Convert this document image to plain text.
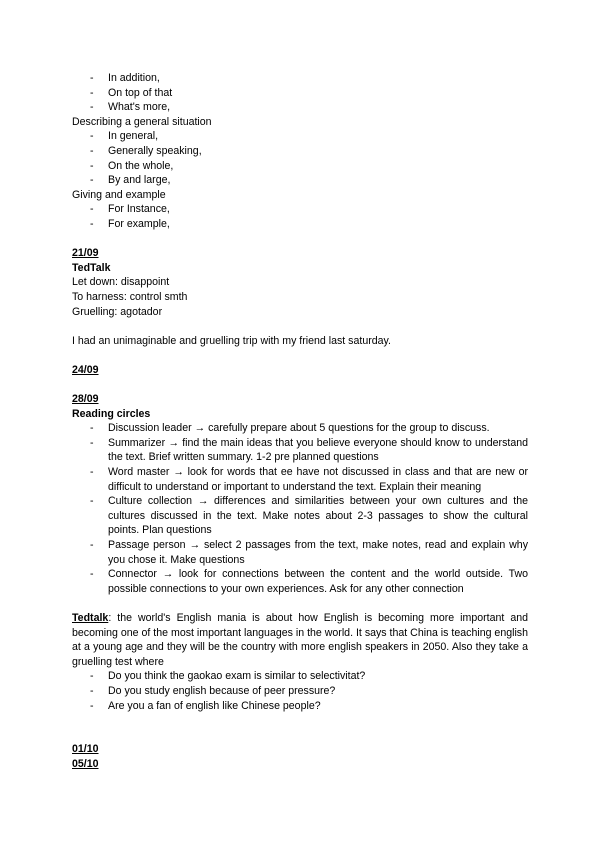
- In addition,
- On top of that
- What's more,
Describing a general situation
- In general,
- Generally speaking,
- On the whole,
- By and large,
Giving and example
- For Instance,
- For example,
21/09
TedTalk
Let down: disappoint
To harness: control smth
Gruelling: agotador
I had an unimaginable and gruelling trip with my friend last saturday.
24/09
28/09
Reading circles
- Discussion leader → carefully prepare about 5 questions for the group to discuss.
- Summarizer → find the main ideas that you believe everyone should know to understand the text. Brief written summary. 1-2 pre planned questions
- Word master → look for words that ee have not discussed in class and that are new or difficult to understand or important to understand the text. Explain their meaning
- Culture collection → differences and similarities between your own cultures and the cultures discussed in the text. Make notes about 2-3 passages to show the cultural points. Plan questions
- Passage person → select 2 passages from the text, make notes, read and explain why you chose it. Make questions
- Connector → look for connections between the content and the world outside. Two possible connections to your own experiences. Ask for any other connection
Tedtalk: the world's English mania is about how English is becoming more important and becoming one of the most important languages in the world. It says that China is teaching english at a young age and they will be the country with more english speakers in 2050. Also they take a gruelling test where
- Do you think the gaokao exam is similar to selectivitat?
- Do you study english because of peer pressure?
- Are you a fan of english like Chinese people?
01/10
05/10
